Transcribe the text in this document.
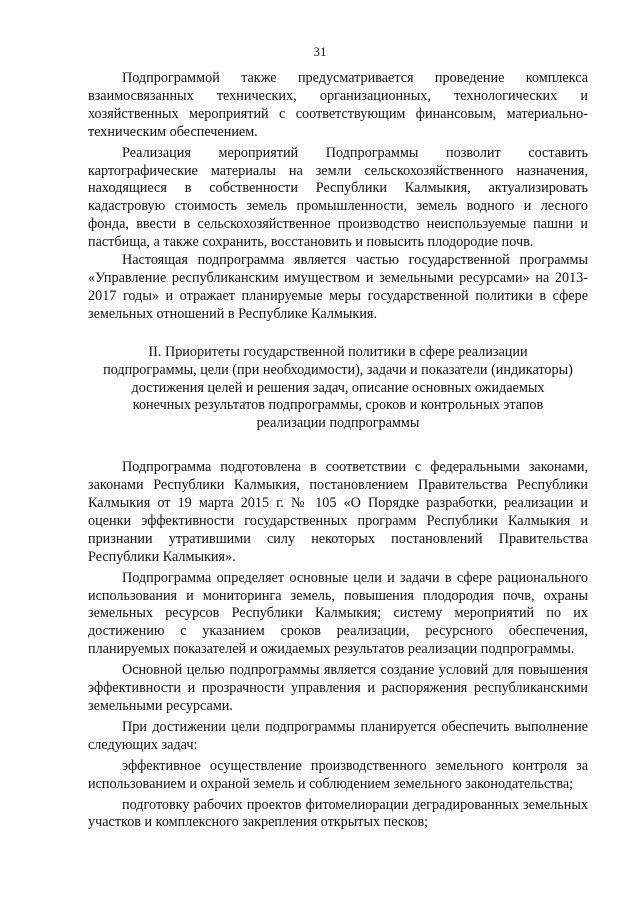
31

Подпрограммой также предусматривается проведение комплекса взаимосвязанных технических, организационных, технологических и хозяйственных мероприятий с соответствующим финансовым, материально-техническим обеспечением.

Реализация мероприятий Подпрограммы позволит составить картографические материалы на земли сельскохозяйственного назначения, находящиеся в собственности Республики Калмыкия, актуализировать кадастровую стоимость земель промышленности, земель водного и лесного фонда, ввести в сельскохозяйственное производство неиспользуемые пашни и пастбища, а также сохранить, восстановить и повысить плодородие почв.

Настоящая подпрограмма является частью государственной программы «Управление республиканским имуществом и земельными ресурсами» на 2013-2017 годы» и отражает планируемые меры государственной политики в сфере земельных отношений в Республике Калмыкия.

II. Приоритеты государственной политики в сфере реализации
подпрограммы, цели (при необходимости), задачи и показатели (индикаторы)
достижения целей и решения задач, описание основных ожидаемых
конечных результатов подпрограммы, сроков и контрольных этапов
реализации подпрограммы

Подпрограмма подготовлена в соответствии с федеральными законами, законами Республики Калмыкия, постановлением Правительства Республики Калмыкия от 19 марта 2015 г. № 105 «О Порядке разработки, реализации и оценки эффективности государственных программ Республики Калмыкия и признании утратившими силу некоторых постановлений Правительства Республики Калмыкия».

Подпрограмма определяет основные цели и задачи в сфере рационального использования и мониторинга земель, повышения плодородия почв, охраны земельных ресурсов Республики Калмыкия; систему мероприятий по их достижению с указанием сроков реализации, ресурсного обеспечения, планируемых показателей и ожидаемых результатов реализации подпрограммы.

Основной целью подпрограммы является создание условий для повышения эффективности и прозрачности управления и распоряжения республиканскими земельными ресурсами.

При достижении цели подпрограммы планируется обеспечить выполнение следующих задач:

эффективное осуществление производственного земельного контроля за использованием и охраной земель и соблюдением земельного законодательства;

подготовку рабочих проектов фитомелиорации деградированных земельных участков и комплексного закрепления открытых песков;
